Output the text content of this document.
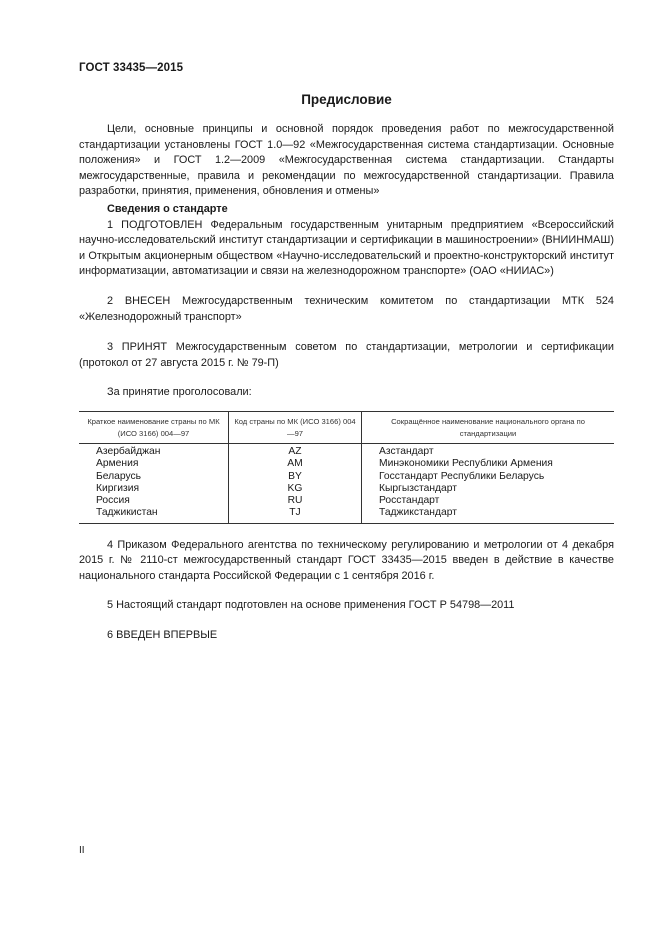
ГОСТ 33435—2015
Предисловие

Цели, основные принципы и основной порядок проведения работ по межгосударственной стандартизации установлены ГОСТ 1.0—92 «Межгосударственная система стандартизации. Основные положения» и ГОСТ 1.2—2009 «Межгосударственная система стандартизации. Стандарты межгосударственные, правила и рекомендации по межгосударственной стандартизации. Правила разработки, принятия, применения, обновления и отмены»

Сведения о стандарте

1 ПОДГОТОВЛЕН Федеральным государственным унитарным предприятием «Всероссийский научно-исследовательский институт стандартизации и сертификации в машиностроении» (ВНИИНМАШ) и Открытым акционерным обществом «Научно-исследовательский и проектно-конструкторский институт информатизации, автоматизации и связи на железнодорожном транспорте» (ОАО «НИИАС»)

2 ВНЕСЕН Межгосударственным техническим комитетом по стандартизации МТК 524 «Железнодорожный транспорт»

3 ПРИНЯТ Межгосударственным советом по стандартизации, метрологии и сертификации (протокол от 27 августа 2015 г. № 79-П)

За принятие проголосовали:

Краткое наименование страны по МК (ИСО 3166) 004—97	Код страны по МК (ИСО 3166) 004—97	Сокращённое наименование национального органа по стандартизации
Азербайджан	AZ	Азстандарт
Армения	AM	Минэкономики Республики Армения
Беларусь	BY	Госстандарт Республики Беларусь
Киргизия	KG	Кыргызстандарт
Россия	RU	Росстандарт
Таджикистан	TJ	Таджикстандарт

4 Приказом Федерального агентства по техническому регулированию и метрологии от 4 декабря 2015 г. № 2110-ст межгосударственный стандарт ГОСТ 33435—2015 введен в действие в качестве национального стандарта Российской Федерации с 1 сентября 2016 г.

5 Настоящий стандарт подготовлен на основе применения ГОСТ Р 54798—2011

6 ВВЕДЕН ВПЕРВЫЕ

II
